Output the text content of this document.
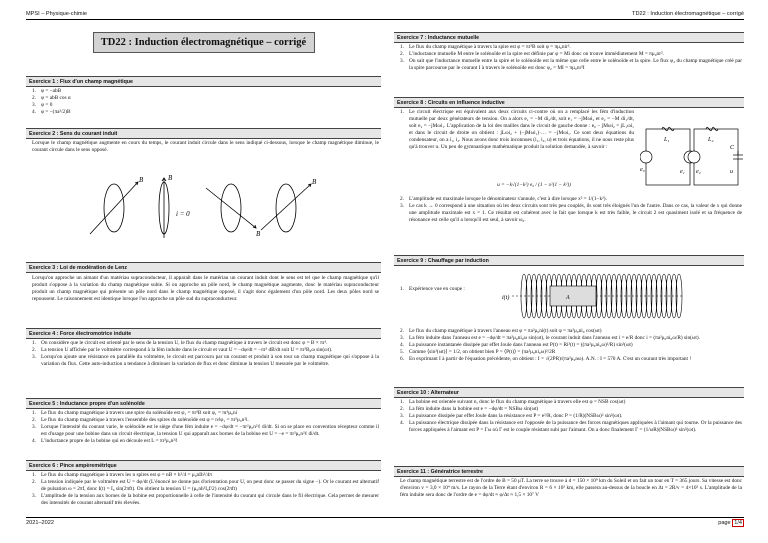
MPSI – Physique-chimie	TD22 : Induction électromagnétique – corrigé
TD22 : Induction électromagnétique – corrigé
Exercice 1 : Flux d'un champ magnétique

1. φ = −abB

2. φ = abB cos α

3. φ = 0

4. φ = −(πa²/2)B

Exercice 2 : Sens du courant induit
Lorsque le champ magnétique augmente en cours du temps, le courant induit circule dans le sens indiqué ci-dessous, lorsque le champ magnétique diminue, le courant circule dans le sens opposé.
B	B
i = 0
B
B
Exercice 3 : Loi de modération de Lenz
Lorsqu'on approche un aimant d'un matériau supraconducteur, il apparaît dans le matériau un courant induit dont le sens est tel que le champ magnétique qu'il produit s'oppose à la variation du champ magnétique subie. Si on approche un pôle nord, le champ magnétique augmente, donc le matériau supraconducteur produit un champ magnétique qui présente un pôle nord dans le champ magnétique opposé, il s'agit donc également d'un pôle nord. Les deux pôles nord se repoussent. Le raisonnement est identique lorsque l'on approche un pôle sud du supraconducteur.
Exercice 4 : Force électromotrice induite

1. On considère que le circuit est orienté par le sens de la tension U, le flux du champ magnétique à travers le circuit est donc φ = B × πr².

2. La tension U affichée par le voltmètre correspond à la fém induite dans le circuit et vaut U = −dφ/dt = −πr² dB/dt soit U = πr²B₀ω sin(ωt).

3. Lorsqu'on ajoute une résistance en parallèle du voltmètre, le circuit est parcouru par un courant et produit à son tour un champ magnétique qui s'oppose à la variation du flux. Cette auto-induction a tendance à diminuer la variation de flux et donc diminue la tension U mesurée par le voltmètre.

Exercice 5 : Inductance propre d'un solénoïde

1. Le flux du champ magnétique à travers une spire du solénoïde est φ₁ = πr²B soit φ₁ = πr²μ₀ni

2. Le flux du champ magnétique à travers l'ensemble des spires du solénoïde est φ = nℓφ₁ = πr²μ₀n²i.

3. Lorsque l'intensité du courant varie, le solénoïde est le siège d'une fém induite e = −dφ/dt = −πr²μ₀n²ℓ di/dt. Si on se place en convention récepteur comme il est d'usage pour une bobine dans un circuit électrique, la tension U qui apparaît aux bornes de la bobine est U = −e = πr²μ₀n²ℓ di/dt.

4. L'inductance propre de la bobine qui en découle est L = πr²μ₀n²ℓ

Exercice 6 : Pince ampèremétrique

1. Le flux du champ magnétique à travers les n spires est φ = nB × h²/4 = μ₀nIh²/4π

2. La tension indiquée par le voltmètre est U = dφ/dt (L'énoncé ne donne pas d'orientation pour U, on peut donc se passer du signe −). Or le courant est alternatif de pulsation ω = 2πf, donc I(t) = I₀ sin(2πft). On obtient la tension U = (μ₀nh²I₀f/2) cos(2πft)

3. L'amplitude de la tension aux bornes de la bobine est proportionnelle à celle de l'intensité du courant qui circule dans le fil électrique. Cela permet de mesurer des intensités de courant alternatif très élevées.

Exercice 7 : Inductance mutuelle

1. Le flux du champ magnétique à travers la spire est φ = πr²B soit φ = πμ₀nir².

2. L'inductance mutuelle M entre le solénoïde et la spire est définie par φ = Mi donc on trouve immédiatement M = πμ₀nr².

3. On sait que l'inductance mutuelle entre la spire et le solénoïde est la même que celle entre le solénoïde et la spire. Le flux φ₂ du champ magnétique créé par la spire parcourue par le courant I à travers le solénoïde est donc φ₂ = MI = πμ₀nr²I

Exercice 8 : Circuits en influence inductive

1. Le circuit électrique est équivalent aux deux circuits ci-contre où on a remplacé les fém d'induction mutuelle par deux générateurs de tension. On a alors e₁ = −M di₂/dt, soit e₁ = −jMωi₂ et e₂ = −M di₁/dt, soit e₂ = −jMωi₁. L'application de la loi des mailles dans le circuit de gauche donne : e₀ − jMωi₂ = jL₁ωi₁ et dans le circuit de droite on obtient : jLωi₂ + (−jMωi₁)·… = −jMωi₁. Ce sont deux équations du condensateur, on a i₁, i₂. Nous avons donc trois inconnues (i₁, i₂, u) et trois équations, il ne nous reste plus qu'à trouver u. Un peu de gymnastique mathématique produit la solution demandée, à savoir :

u = −k√(1−k²) e₀ / (1 − x²(1 − k²))

2. L'amplitude est maximale lorsque le dénominateur s'annule, c'est à dire lorsque x² = 1/(1−k²).

3. Le cas k → 0 correspond à une situation où les deux circuits sont très peu couplés, ils sont très éloignés l'un de l'autre. Dans ce cas, la valeur de x qui donne une amplitude maximale est x = 1. Ce résultat est cohérent avec le fait que lorsque k est très faible, le circuit 2 est quasiment isolé et sa fréquence de résonance est celle qu'il a lorsqu'il est seul, à savoir ω₀.

L₁	L₂
C
e₀	e₁ e₂	u
Exercice 9 : Chauffage par induction

1. Expérience vue en coupe :

i(t)	A

2. Le flux du champ magnétique à travers l'anneau est φ = πa²μ₀ni(t) soit φ = πa²μ₀ni₀ cos(ωt)

3. La fém induite dans l'anneau est e = −dφ/dt = πa²μ₀ni₀ω sin(ωt), le courant induit dans l'anneau est i = e/R donc i = (πa²μ₀ni₀ω/R) sin(ωt).

4. La puissance instantanée dissipée par effet Joule dans l'anneau est P(t) = Ri²(t) = ((πa²μ₀ni₀ω)²/R) sin²(ωt)

5. Comme ⟨sin²(ωt)⟩ = 1/2, on obtient bien P = ⟨P(t)⟩ = (πa²μ₀ni₀ω)²/2R

6. En exprimant I à partir de l'équation précédente, on obtient : I = √(2PR)/(πa²μ₀nω). A.N. : I = 570 A. C'est un courant très important !

Exercice 10 : Alternateur

1. La bobine est orientée suivant n, donc le flux du champ magnétique à travers elle est φ = NSB cos(ωt)

2. La fém induite dans la bobine est e = −dφ/dt = NSBω sin(ωt)

3. La puissance dissipée par effet Joule dans la résistance est P = e²/R, donc P = (1/R)(NSBω)² sin²(ωt).

4. La puissance électrique dissipée dans la résistance est l'opposée de la puissance des forces magnétiques appliquées à l'aimant qui tourne. Or la puissance des forces appliquées à l'aimant est P = Γω où Γ est le couple résistant subi par l'aimant. On a donc finalement Γ = (1/ωR)(NSBω)² sin²(ωt).

Exercice 11 : Génératrice terrestre
Le champ magnétique terrestre est de l'ordre de B = 50 μT. La terre se trouve à d = 150 × 10⁹ km du Soleil et on fait un tour en T = 365 jours. Sa vitesse est donc d'environ v = 3,0 × 10⁴ m/s. Le rayon de la Terre étant d'environ R = 6 × 10³ km, elle passera au-dessus de la boucle en Δt = 2R/v = 4×10⁵ s. L'amplitude de la fém induite sera donc de l'ordre de e = dφ/dt ≈ φ/Δt ≈ 1,5 × 10⁷ V
2021–2022	page 1/4
